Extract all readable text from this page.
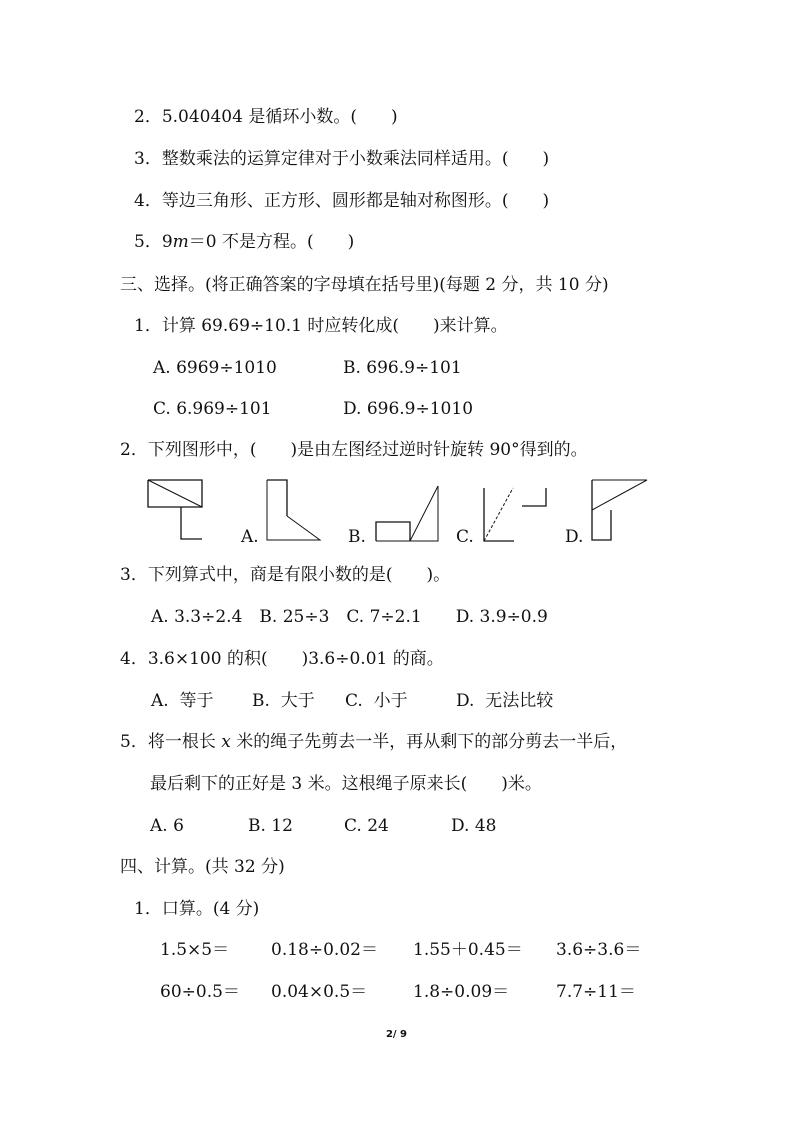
2．5.040404 是循环小数。(　　)
3．整数乘法的运算定律对于小数乘法同样适用。(　　)
4．等边三角形、正方形、圆形都是轴对称图形。(　　)
5．9m＝0 不是方程。(　　)
三、选择。(将正确答案的字母填在括号里)(每题 2 分，共 10 分)
1．计算 69.69÷10.1 时应转化成(　　)来计算。
A. 6969÷1010	B. 696.9÷101
C. 6.969÷101	D. 696.9÷1010
2．下列图形中，(　　)是由左图经过逆时针旋转 90°得到的。
A.	B.	C.	D.
3．下列算式中，商是有限小数的是(　　)。
A. 3.3÷2.4　B. 25÷3　C. 7÷2.1　　D. 3.9÷0.9
4．3.6×100 的积(　　)3.6÷0.01 的商。
A.  等于 B.  大于 C.  小于	D.  无法比较
5．将一根长 x 米的绳子先剪去一半，再从剩下的部分剪去一半后，
最后剩下的正好是 3 米。这根绳子原来长(　　)米。
A. 6	B. 12	C. 24	D. 48
四、计算。(共 32 分)
1．口算。(4 分)
1.5×5＝ 0.18÷0.02＝ 1.55＋0.45＝ 3.6÷3.6＝
60÷0.5＝ 0.04×0.5＝	1.8÷0.09＝	7.7÷11＝
2/ 9
